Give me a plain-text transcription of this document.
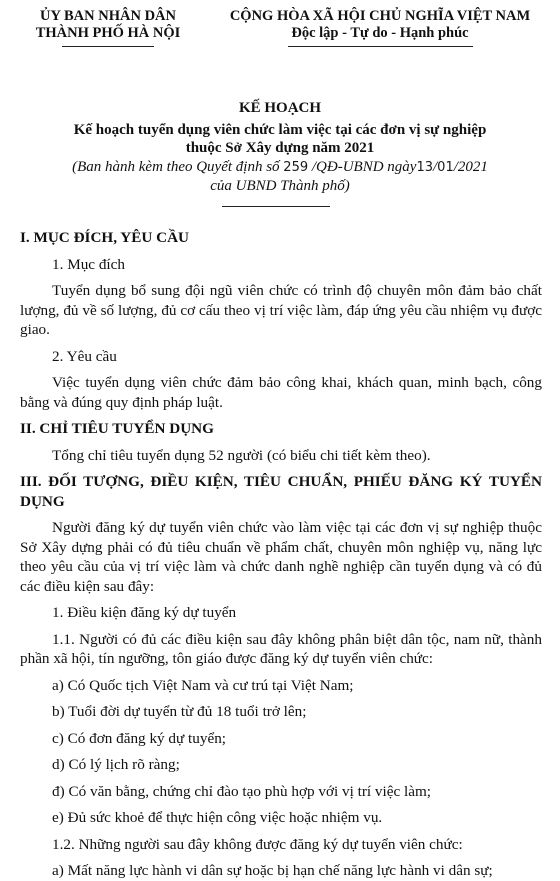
ỦY BAN NHÂN DÂN
THÀNH PHỐ HÀ NỘI
CỘNG HÒA XÃ HỘI CHỦ NGHĨA VIỆT NAM
Độc lập - Tự do - Hạnh phúc
KẾ HOẠCH
Kế hoạch tuyển dụng viên chức làm việc tại các đơn vị sự nghiệp
thuộc Sở Xây dựng năm 2021
(Ban hành kèm theo Quyết định số 259 /QĐ-UBND ngày13/01/2021
của UBND Thành phố)

I. MỤC ĐÍCH, YÊU CẦU

1. Mục đích

Tuyển dụng bổ sung đội ngũ viên chức có trình độ chuyên môn đảm bảo chất lượng, đủ về số lượng, đủ cơ cấu theo vị trí việc làm, đáp ứng yêu cầu nhiệm vụ được giao.

2. Yêu cầu

Việc tuyển dụng viên chức đảm bảo công khai, khách quan, minh bạch, công bằng và đúng quy định pháp luật.

II. CHỈ TIÊU TUYỂN DỤNG

Tổng chỉ tiêu tuyển dụng 52 người (có biểu chi tiết kèm theo).

III. ĐỐI TƯỢNG, ĐIỀU KIỆN, TIÊU CHUẨN, PHIẾU ĐĂNG KÝ TUYỂN DỤNG

Người đăng ký dự tuyển viên chức vào làm việc tại các đơn vị sự nghiệp thuộc Sở Xây dựng phải có đủ tiêu chuẩn về phẩm chất, chuyên môn nghiệp vụ, năng lực theo yêu cầu của vị trí việc làm và chức danh nghề nghiệp cần tuyển dụng và có đủ các điều kiện sau đây:

1. Điều kiện đăng ký dự tuyển

1.1. Người có đủ các điều kiện sau đây không phân biệt dân tộc, nam nữ, thành phần xã hội, tín ngưỡng, tôn giáo được đăng ký dự tuyển viên chức:

a) Có Quốc tịch Việt Nam và cư trú tại Việt Nam;

b) Tuổi đời dự tuyển từ đủ 18 tuổi trở lên;

c) Có đơn đăng ký dự tuyển;

d) Có lý lịch rõ ràng;

đ) Có văn bằng, chứng chỉ đào tạo phù hợp với vị trí việc làm;

e) Đủ sức khoẻ để thực hiện công việc hoặc nhiệm vụ.

1.2. Những người sau đây không được đăng ký dự tuyển viên chức:

a) Mất năng lực hành vi dân sự hoặc bị hạn chế năng lực hành vi dân sự;
